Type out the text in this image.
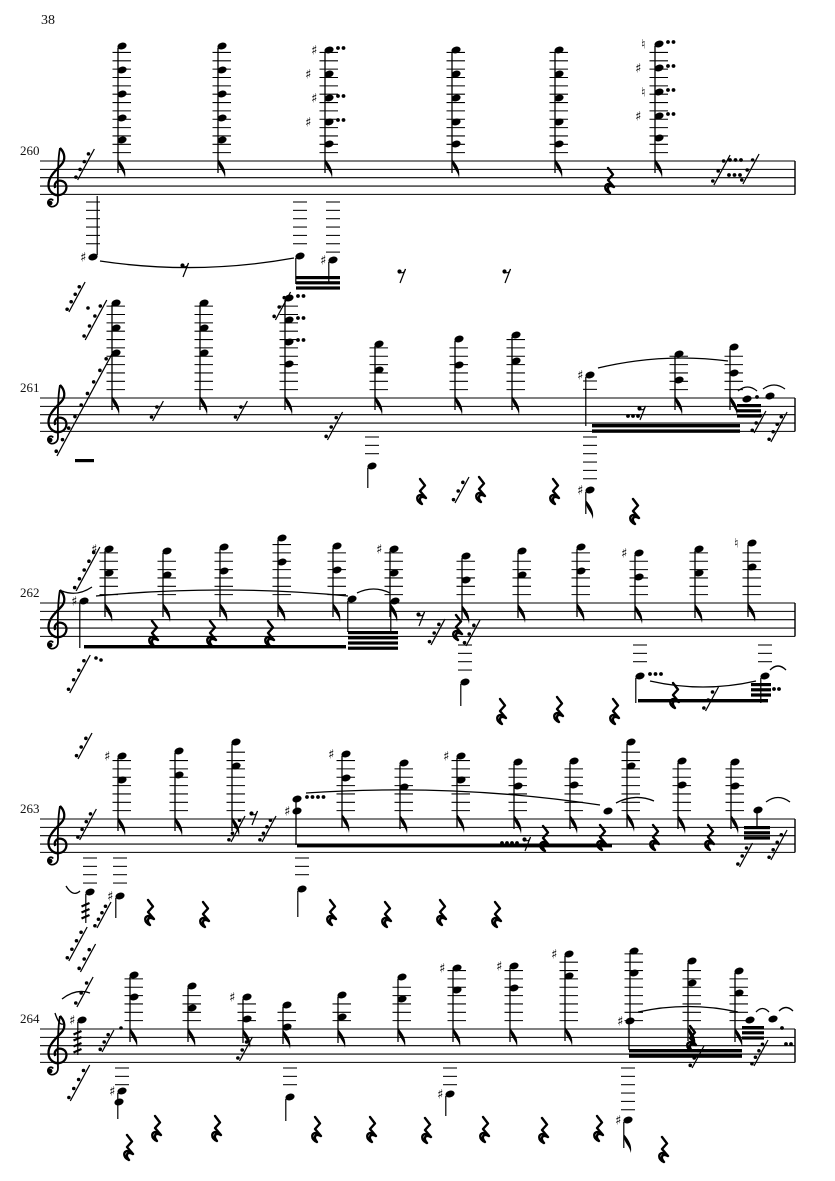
♯
♯
♯
♯
♯
♮
♯
♮
♯
♯
♯
♯
♯
♯	♯	♯
♮
♯
♯
♯
♯	♯
♯
♯
♯	♯
♯
♯	♯
♯
♯
38
260
261
262
263
264
